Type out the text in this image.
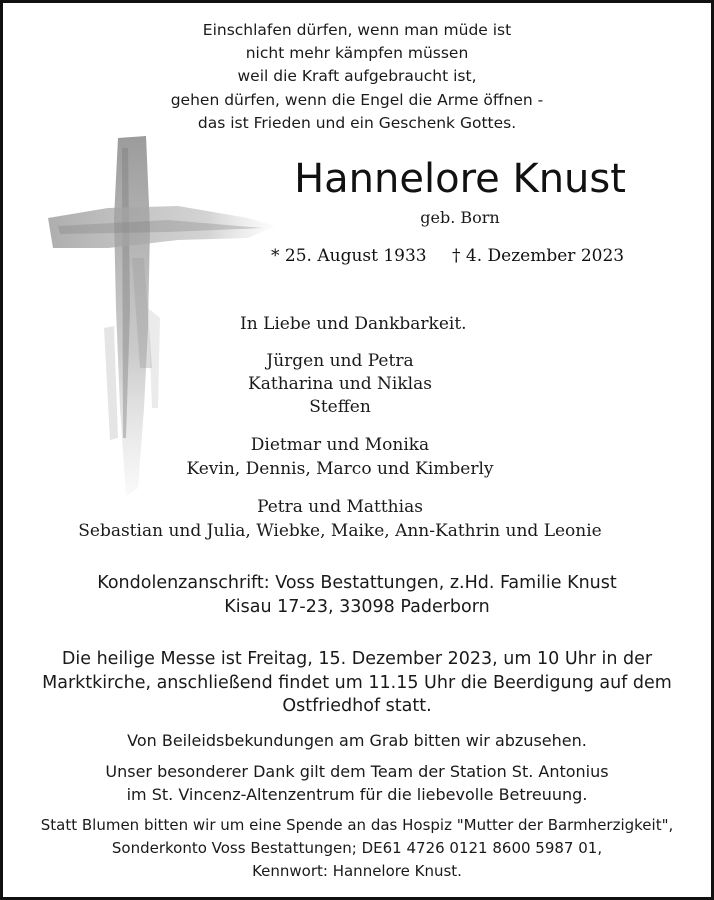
Einschlafen dürfen, wenn man müde ist
nicht mehr kämpfen müssen
weil die Kraft aufgebraucht ist,
gehen dürfen, wenn die Engel die Arme öffnen -
das ist Frieden und ein Geschenk Gottes.
Hannelore Knust
geb. Born
* 25. August 1933 † 4. Dezember 2023
In Liebe und Dankbarkeit.
Jürgen und Petra
Katharina und Niklas
Steffen
Dietmar und Monika
Kevin, Dennis, Marco und Kimberly
Petra und Matthias
Sebastian und Julia, Wiebke, Maike, Ann-Kathrin und Leonie
Kondolenzanschrift: Voss Bestattungen, z.Hd. Familie Knust
Kisau 17-23, 33098 Paderborn
Die heilige Messe ist Freitag, 15. Dezember 2023, um 10 Uhr in der
Marktkirche, anschließend findet um 11.15 Uhr die Beerdigung auf dem
Ostfriedhof statt.
Von Beileidsbekundungen am Grab bitten wir abzusehen.
Unser besonderer Dank gilt dem Team der Station St. Antonius
im St. Vincenz-Altenzentrum für die liebevolle Betreuung.
Statt Blumen bitten wir um eine Spende an das Hospiz "Mutter der Barmherzigkeit",
Sonderkonto Voss Bestattungen; DE61 4726 0121 8600 5987 01,
Kennwort: Hannelore Knust.
